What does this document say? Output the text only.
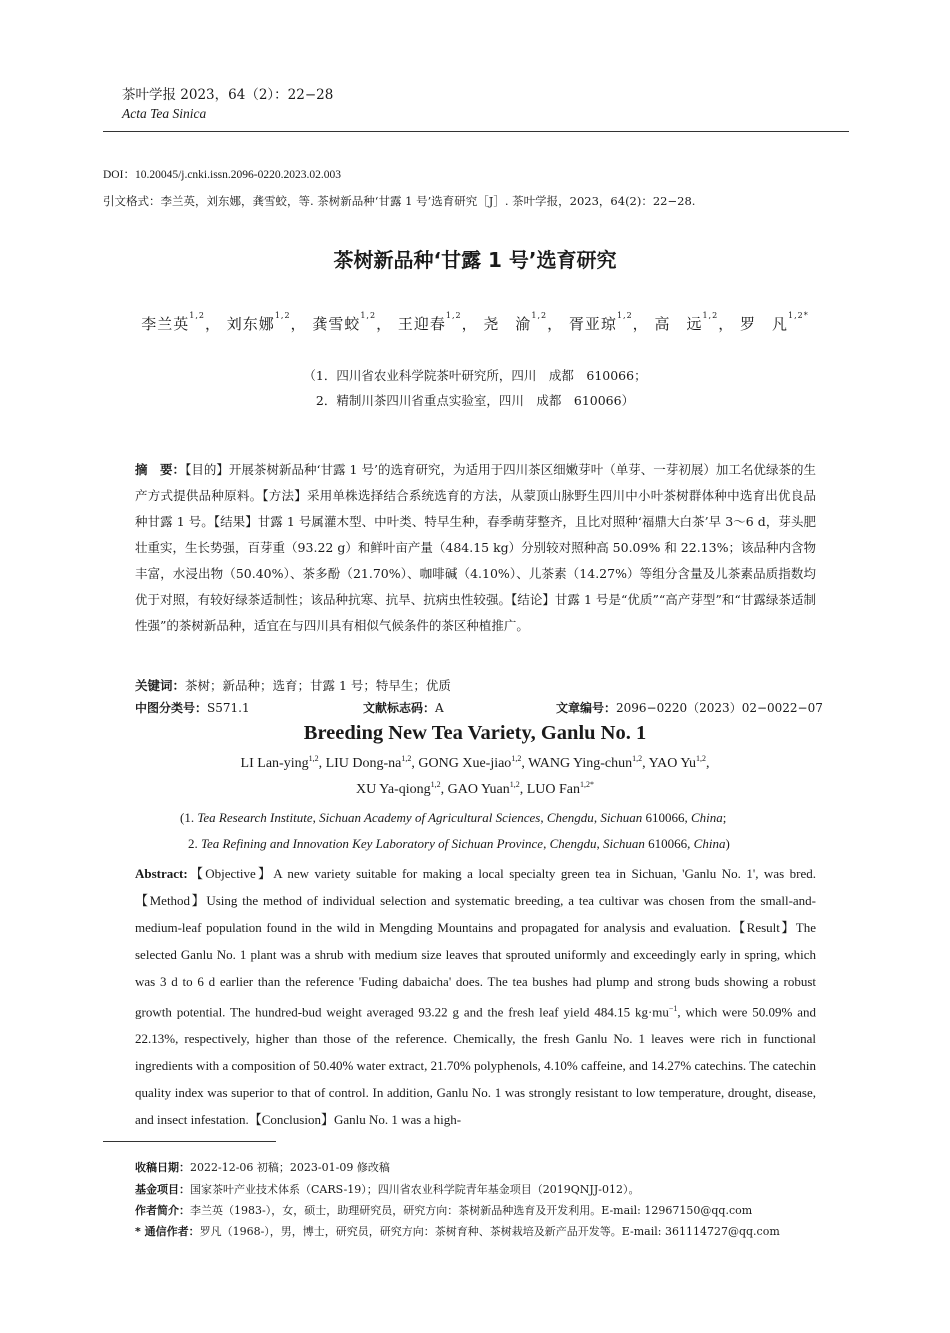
茶叶学报 2023，64（2）：22−28
Acta Tea Sinica
DOI：10.20045/j.cnki.issn.2096-0220.2023.02.003
引文格式：李兰英，刘东娜，龚雪蛟，等. 茶树新品种‘甘露 1 号’选育研究［J］. 茶叶学报，2023，64(2)：22−28.
茶树新品种‘甘露 1 号’选育研究
李兰英$^{1,2}$， 刘东娜$^{1,2}$， 龚雪蛟$^{1,2}$， 王迎春$^{1,2}$， 尧　渝$^{1,2}$， 胥亚琼$^{1,2}$， 高　远$^{1,2}$， 罗　凡$^{1,2*}$
（1．四川省农业科学院茶叶研究所，四川　成都　610066；
2．精制川茶四川省重点实验室，四川　成都　610066）
摘　要：【目的】开展茶树新品种‘甘露 1 号’的选育研究，为适用于四川茶区细嫩芽叶（单芽、一芽初展）加工名优绿茶的生产方式提供品种原料。【方法】采用单株选择结合系统选育的方法，从蒙顶山脉野生四川中小叶茶树群体种中选育出优良品种甘露 1 号。【结果】甘露 1 号属灌木型、中叶类、特早生种，春季萌芽整齐，且比对照种‘福鼎大白茶’早 3～6 d，芽头肥壮重实，生长势强，百芽重（93.22 g）和鲜叶亩产量（484.15 kg）分别较对照种高 50.09% 和 22.13%；该品种内含物丰富，水浸出物（50.40%）、茶多酚（21.70%）、咖啡碱（4.10%）、儿茶素（14.27%）等组分含量及儿茶素品质指数均优于对照，有较好绿茶适制性；该品种抗寒、抗旱、抗病虫性较强。【结论】甘露 1 号是“优质”“高产芽型”和“甘露绿茶适制性强”的茶树新品种，适宜在与四川具有相似气候条件的茶区种植推广。
关键词：茶树；新品种；选育；甘露 1 号；特早生；优质
中图分类号：S571.1	文献标志码：A	文章编号：2096−0220（2023）02−0022−07
Breeding New Tea Variety, Ganlu No. 1
LI Lan-ying$^{1,2}$, LIU Dong-na$^{1,2}$, GONG Xue-jiao$^{1,2}$, WANG Ying-chun$^{1,2}$, YAO Yu$^{1,2}$,
XU Ya-qiong$^{1,2}$, GAO Yuan$^{1,2}$, LUO Fan$^{1,2*}$
(1. Tea Research Institute, Sichuan Academy of Agricultural Sciences, Chengdu, Sichuan 610066, China;
2. Tea Refining and Innovation Key Laboratory of Sichuan Province, Chengdu, Sichuan 610066, China)
Abstract:【Objective】A new variety suitable for making a local specialty green tea in Sichuan, 'Ganlu No. 1', was bred.【Method】Using the method of individual selection and systematic breeding, a tea cultivar was chosen from the small-and-medium-leaf population found in the wild in Mengding Mountains and propagated for analysis and evaluation.【Result】The selected Ganlu No. 1 plant was a shrub with medium size leaves that sprouted uniformly and exceedingly early in spring, which was 3 d to 6 d earlier than the reference 'Fuding dabaicha' does. The tea bushes had plump and strong buds showing a robust growth potential. The hundred-bud weight averaged 93.22 g and the fresh leaf yield 484.15 $kg\cdot mu^{-1}$, which were 50.09% and 22.13%, respectively, higher than those of the reference. Chemically, the fresh Ganlu No. 1 leaves were rich in functional ingredients with a composition of 50.40% water extract, 21.70% polyphenols, 4.10% caffeine, and 14.27% catechins. The catechin quality index was superior to that of control. In addition, Ganlu No. 1 was strongly resistant to low temperature, drought, disease, and insect infestation.【Conclusion】Ganlu No. 1 was a high-
收稿日期：2022-12-06 初稿；2023-01-09 修改稿
基金项目：国家茶叶产业技术体系（CARS-19）；四川省农业科学院青年基金项目（2019QNJJ-012）。
作者简介：李兰英（1983-），女，硕士，助理研究员，研究方向：茶树新品种选育及开发利用。E-mail: 12967150@qq.com
* 通信作者：罗凡（1968-），男，博士，研究员，研究方向：茶树育种、茶树栽培及新产品开发等。E-mail: 361114727@qq.com
